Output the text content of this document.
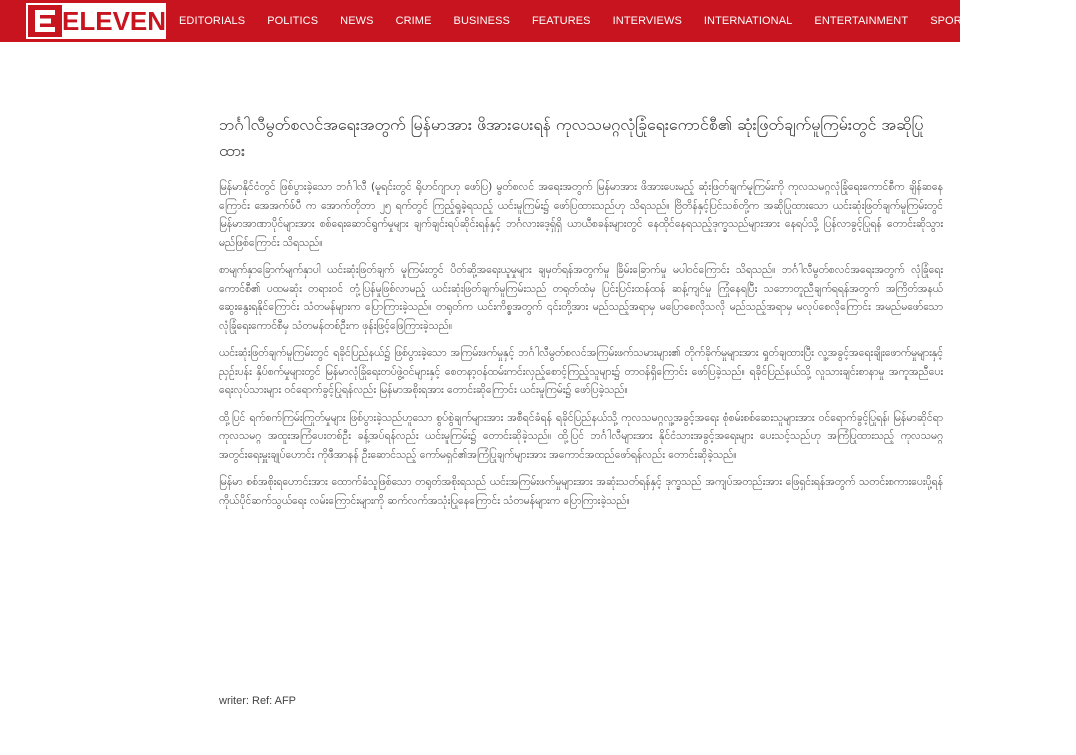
ELEVEN	EDITORIALS	POLITICS	NEWS	CRIME	BUSINESS	FEATURES	INTERVIEWS	INTERNATIONAL	ENTERTAINMENT	SPORTS	CARTOON
ဘင်္ဂါလီမွတ်စလင်အရေးအတွက် မြန်မာအား ဖိအားပေးရန် ကုလသမဂ္ဂလုံခြုံရေးကောင်စီ၏ ဆုံးဖြတ်ချက်မူကြမ်းတွင် အဆိုပြုထား

မြန်မာနိုင်ငံတွင် ဖြစ်ပွားခဲ့သော ဘင်္ဂါလီ (မူရင်းတွင် ရိုဟင်ဂျာဟု ဖော်ပြ) မွတ်စလင် အရေးအတွက် မြန်မာအား ဖိအားပေးမည့် ဆုံးဖြတ်ချက်မူကြမ်းကို ကုလသမဂ္ဂလုံခြုံရေးကောင်စီက ချိန်ဆနေကြောင်း အေအက်ဖ်ပီ က အောက်တိုဘာ ၂၅ ရက်တွင် ကြည့်ရှုခဲ့ရသည့် ယင်းမူကြမ်း၌ ဖော်ပြထားသည်ဟု သိရသည်။ ဗြိတိန်နှင့်ပြင်သစ်တို့က အဆိုပြုထားသော ယင်းဆုံးဖြတ်ချက်မူကြမ်းတွင် မြန်မာအာဏာပိုင်များအား စစ်ရေးဆောင်ရွက်မှုများ ချက်ချင်းရပ်ဆိုင်းရန်နှင့် ဘင်္ဂလားဒေ့ရှ်ရှိ ယာယီစခန်းများတွင် နေထိုင်နေရသည့်ဒုက္ခသည်များအား နေရပ်သို့ ပြန်လာခွင့်ပြုရန် တောင်းဆိုသွားမည်ဖြစ်ကြောင်း သိရသည်။

စာမျက်နှာခြောက်မျက်နှာပါ ယင်းဆုံးဖြတ်ချက် မူကြမ်းတွင် ပိတ်ဆို့အရေးယူမှုများ ချမှတ်ရန်အတွက်မူ ခြိမ်းခြောက်မှု မပါဝင်ကြောင်း သိရသည်။ ဘင်္ဂါလီမွတ်စလင်အရေးအတွက် လုံခြုံရေးကောင်စီ၏ ပထမဆုံး တရားဝင် တုံ့ပြန်မှုဖြစ်လာမည့် ယင်းဆုံးဖြတ်ချက်မူကြမ်းသည် တရုတ်ထံမှ ပြင်းပြင်းထန်ထန် ဆန့်ကျင်မှု ကြုံနေရပြီး သဘောတူညီချက်ရရန်အတွက် အကြိတ်အနယ်ဆွေးနွေးရနိုင်ကြောင်း သံတမန်များက ပြောကြားခဲ့သည်။ တရုတ်က ယင်းကိစ္စအတွက် ၎င်းတို့အား မည်သည့်အရာမှ မပြောစေလိုသလို မည်သည့်အရာမှ မလုပ်စေလိုကြောင်း အမည်မဖော်သော လုံခြုံရေးကောင်စီမှ သံတမန်တစ်ဦးက ဖုန်းဖြင့်ဖြေကြားခဲ့သည်။

ယင်းဆုံးဖြတ်ချက်မူကြမ်းတွင် ရခိုင်ပြည်နယ်၌ ဖြစ်ပွားခဲ့သော အကြမ်းဖက်မှုနှင့် ဘင်္ဂါလီမွတ်စလင်အကြမ်းဖက်သမားများ၏ တိုက်ခိုက်မှုများအား ရှုတ်ချထားပြီး လူ့အခွင့်အရေးချိုးဖောက်မှုများနှင့် ညှဉ်းပန်း နှိပ်စက်မှုများတွင် မြန်မာလုံခြုံရေးတပ်ဖွဲ့ဝင်များနှင့် စေတနာ့ဝန်ထမ်းကင်းလှည့်စောင့်ကြည့်သူများ၌ တာဝန်ရှိကြောင်း ဖော်ပြခဲ့သည်။ ရခိုင်ပြည်နယ်သို့ လူသားချင်းစာနာမှု အကူအညီပေးရေးလုပ်သားများ ဝင်ရောက်ခွင့်ပြုရန်လည်း မြန်မာအစိုးရအား တောင်းဆိုကြောင်း ယင်းမူကြမ်း၌ ဖော်ပြခဲ့သည်။

ထို့ပြင် ရက်စက်ကြမ်းကြုတ်မှုများ ဖြစ်ပွားခဲ့သည်ဟူသော စွပ်စွဲချက်များအား အစီရင်ခံရန် ရခိုင်ပြည်နယ်သို့ ကုလသမဂ္ဂလူ့အခွင့်အရေး စုံစမ်းစစ်ဆေးသူများအား ဝင်ရောက်ခွင့်ပြုရန်၊ မြန်မာဆိုင်ရာ ကုလသမဂ္ဂ အထူးအကြံပေးတစ်ဦး ခန့်အပ်ရန်လည်း ယင်းမူကြမ်း၌ တောင်းဆိုခဲ့သည်။ ထို့ပြင် ဘင်္ဂါလီများအား နိုင်ငံသားအခွင့်အရေးများ ပေးသင့်သည်ဟု အကြံပြုထားသည့် ကုလသမဂ္ဂ အတွင်းရေးမှူးချုပ်ဟောင်း ကိုဖီအာနန် ဦးဆောင်သည့် ကော်မရှင်၏အကြံပြုချက်များအား အကောင်အထည်ဖော်ရန်လည်း တောင်းဆိုခဲ့သည်။

မြန်မာ စစ်အစိုးရဟောင်းအား ထောက်ခံသူဖြစ်သော တရုတ်အစိုးရသည် ယင်းအကြမ်းဖက်မှုများအား အဆုံးသတ်ရန်နှင့် ဒုက္ခသည် အကျပ်အတည်းအား ဖြေရှင်းရန်အတွက် သတင်းစကားပေးပို့ရန် ကိုယ်ပိုင်ဆက်သွယ်ရေး လမ်းကြောင်းများကို ဆက်လက်အသုံးပြုနေကြောင်း သံတမန်များက ပြောကြားခဲ့သည်။

writer: Ref: AFP
